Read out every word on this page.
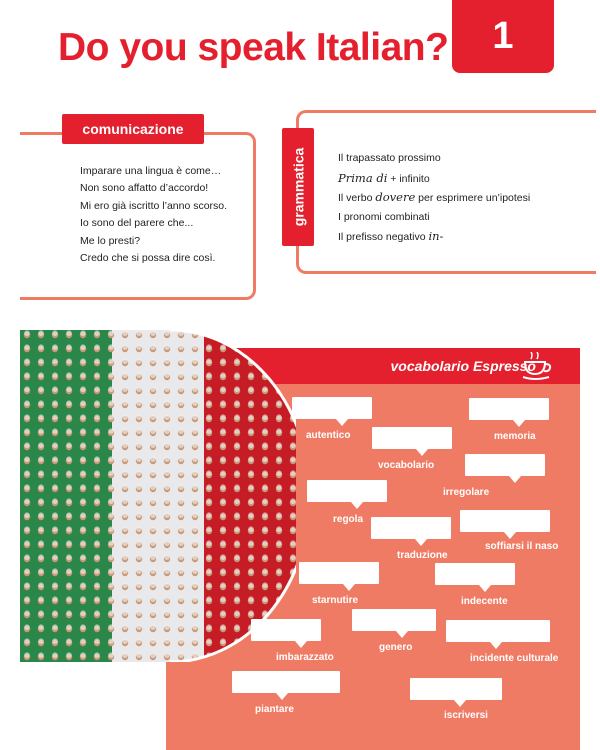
Do you speak Italian?	1
comunicazione
Imparare una lingua è come…
Non sono affatto d’accordo!
Mi ero già iscritto l’anno scorso.
Io sono del parere che...
Me lo presti?
Credo che si possa dire così.
grammatica	Il trapassato prossimo
Prima di + infinito
Il verbo dovere per esprimere un’ipotesi
I pronomi combinati
Il prefisso negativo in-
vocabolario Espresso
autentico	memoria
vocabolario
irregolare
regola
soffiarsi il naso
traduzione
starnutire	indecente
genero
imbarazzato	incidente culturale
piantare
iscriversi
